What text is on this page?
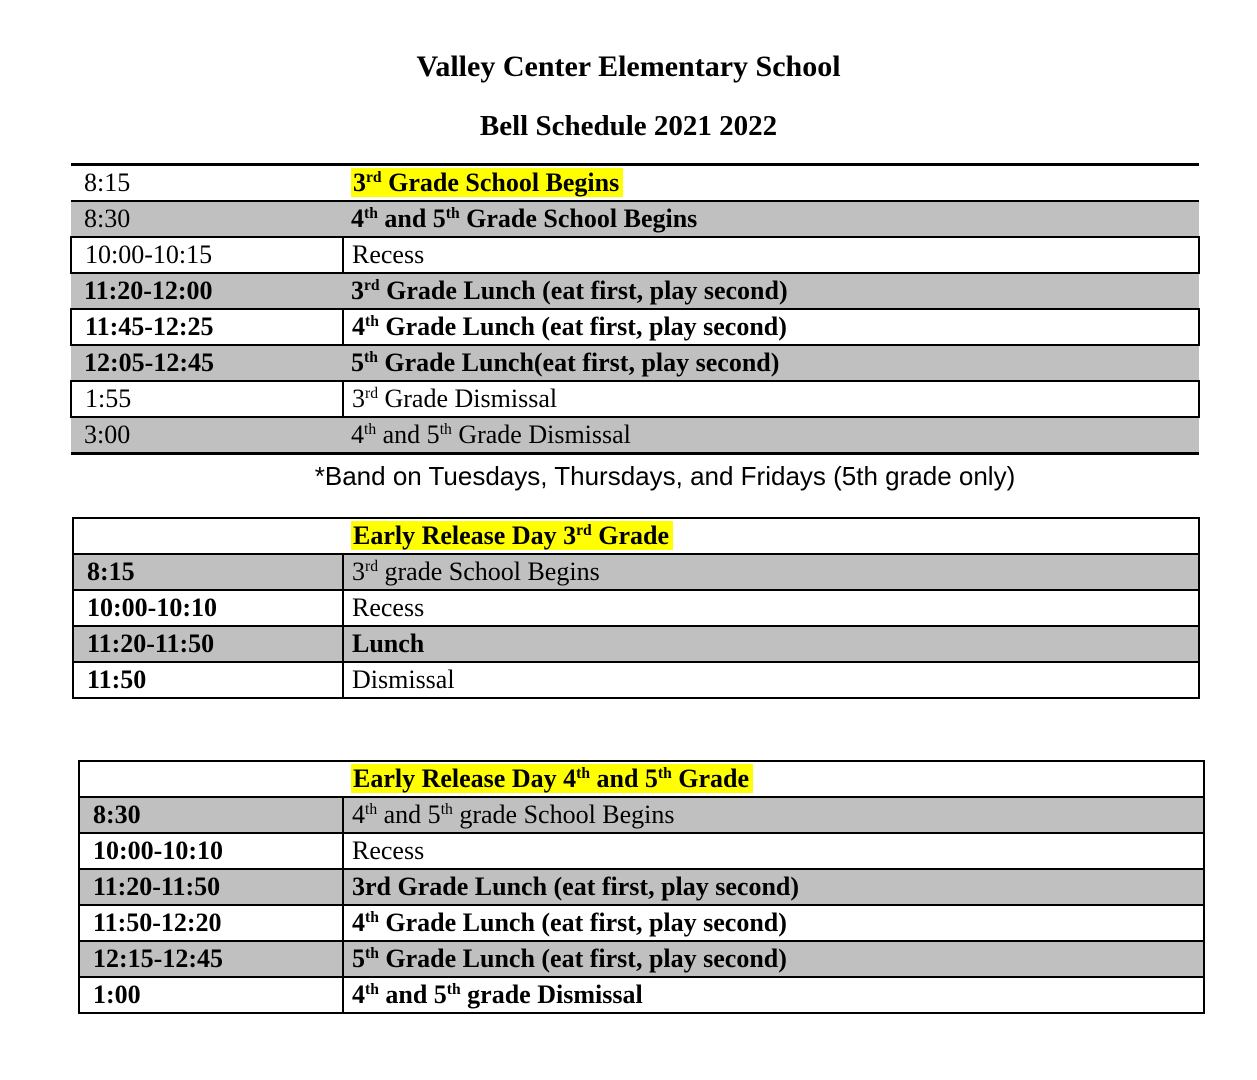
Valley Center Elementary School
Bell Schedule 2021 2022
8:15	3rd Grade School Begins
8:30	4th and 5th Grade School Begins
10:00-10:15	Recess
11:20-12:00	3rd Grade Lunch (eat first, play second)
11:45-12:25	4th Grade Lunch (eat first, play second)
12:05-12:45	5th Grade Lunch(eat first, play second)
1:55	3rd Grade Dismissal
3:00	4th and 5th Grade Dismissal
*Band on Tuesdays, Thursdays, and Fridays (5th grade only)
	Early Release Day 3rd Grade
8:15	3rd grade School Begins
10:00-10:10	Recess
11:20-11:50	Lunch
11:50	Dismissal
	Early Release Day 4th and 5th Grade
8:30	4th and 5th grade School Begins
10:00-10:10	Recess
11:20-11:50	3rd Grade Lunch (eat first, play second)
11:50-12:20	4th Grade Lunch (eat first, play second)
12:15-12:45	5th Grade Lunch (eat first, play second)
1:00	4th and 5th grade Dismissal
